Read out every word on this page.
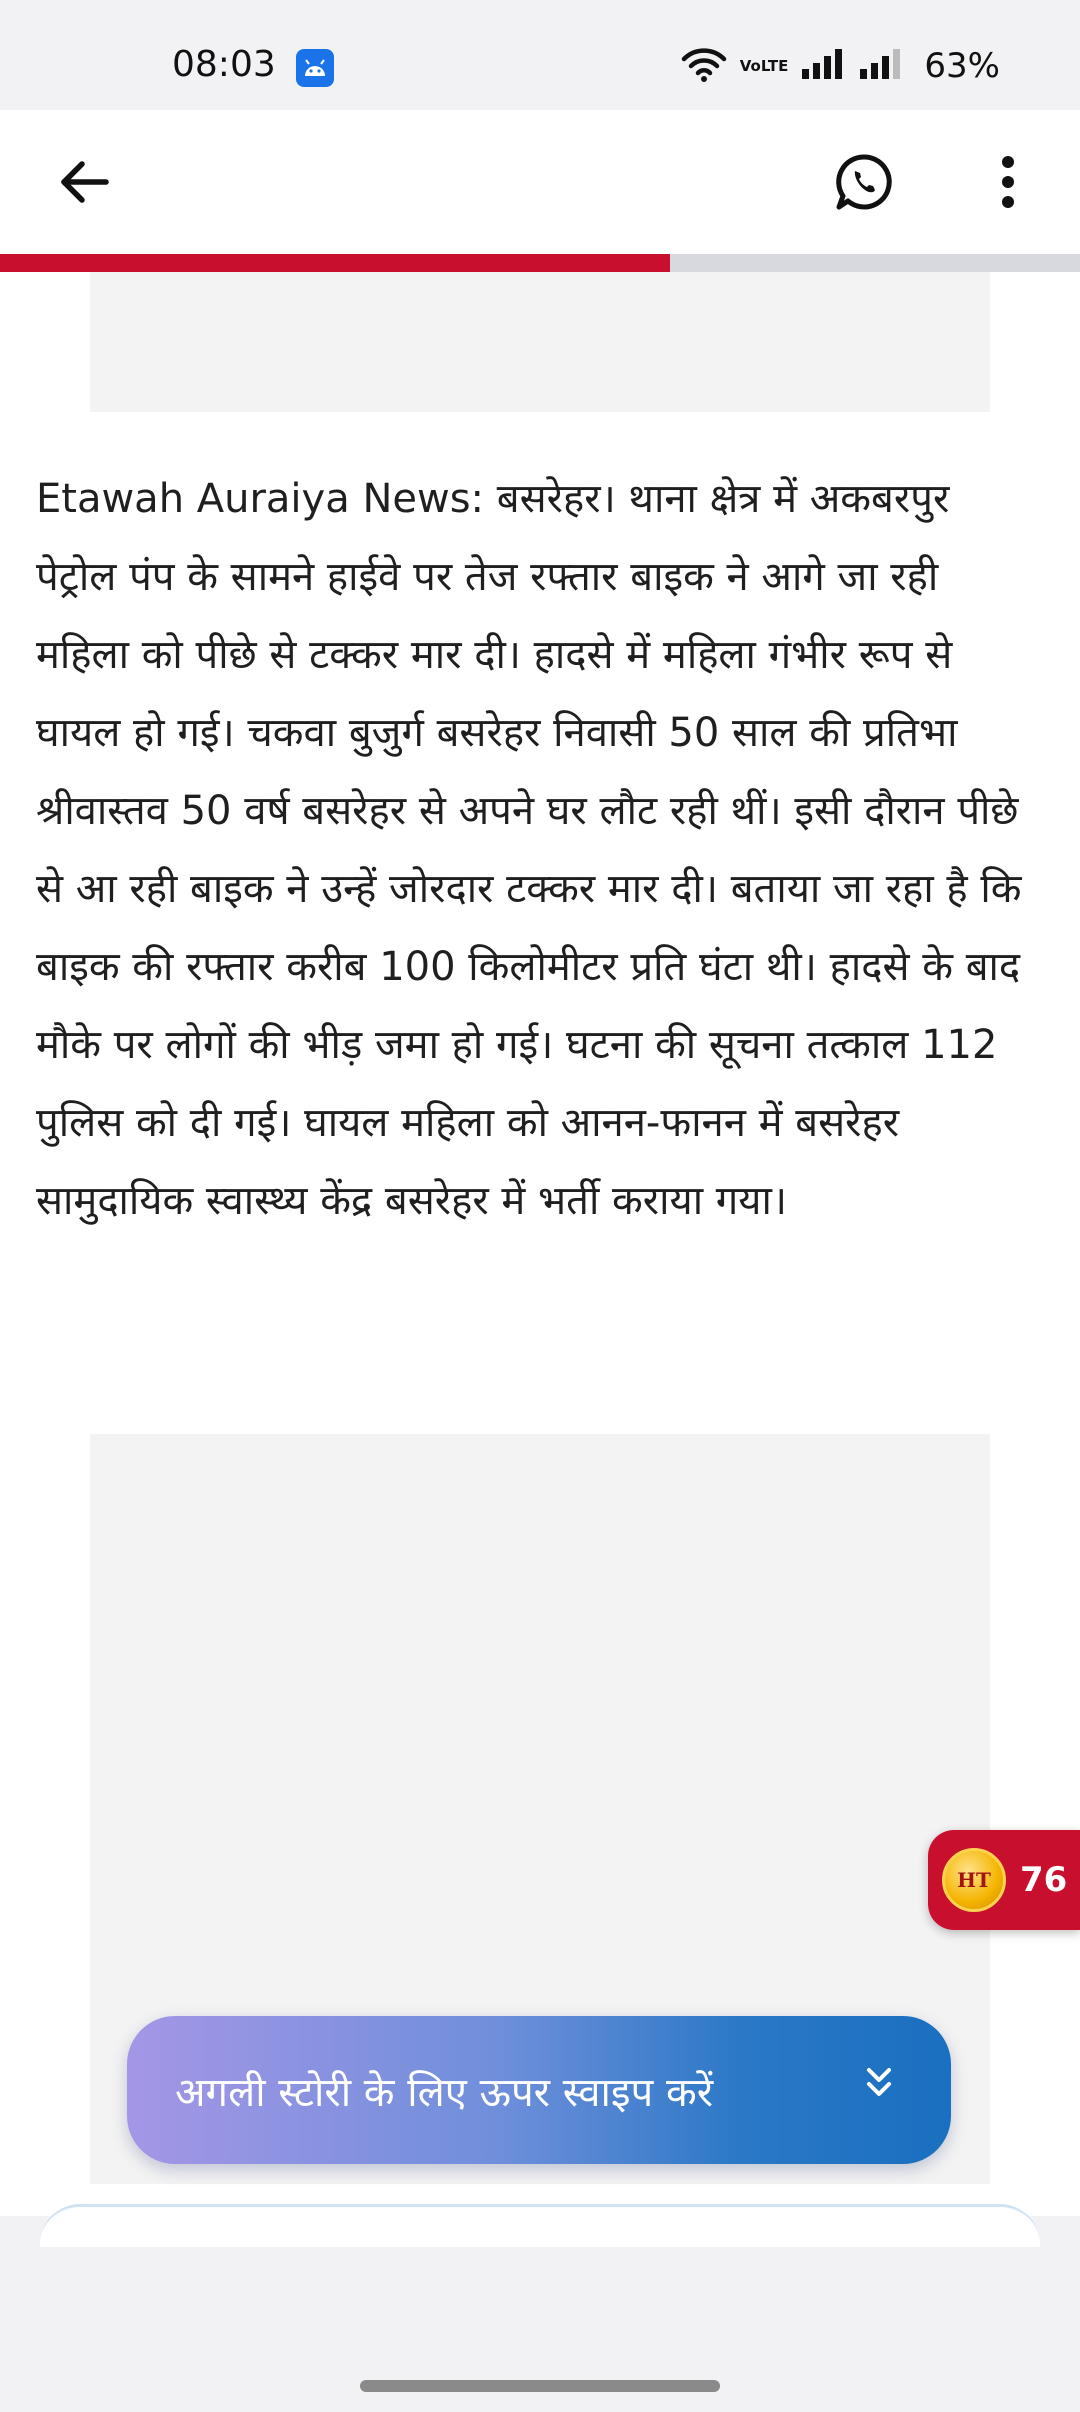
08:03	VoLTE	63%
Etawah Auraiya News: बसरेहर। थाना क्षेत्र में अकबरपुर पेट्रोल पंप के सामने हाईवे पर तेज रफ्तार बाइक ने आगे जा रही महिला को पीछे से टक्कर मार दी। हादसे में महिला गंभीर रूप से घायल हो गई। चकवा बुजुर्ग बसरेहर निवासी 50 साल की प्रतिभा श्रीवास्तव 50 वर्ष बसरेहर से अपने घर लौट रही थीं। इसी दौरान पीछे से आ रही बाइक ने उन्हें जोरदार टक्कर मार दी। बताया जा रहा है कि बाइक की रफ्तार करीब 100 किलोमीटर प्रति घंटा थी। हादसे के बाद मौके पर लोगों की भीड़ जमा हो गई। घटना की सूचना तत्काल 112 पुलिस को दी गई। घायल महिला को आनन-फानन में बसरेहर सामुदायिक स्वास्थ्य केंद्र बसरेहर में भर्ती कराया गया।
HT 76
अगली स्टोरी के लिए ऊपर स्वाइप करें
